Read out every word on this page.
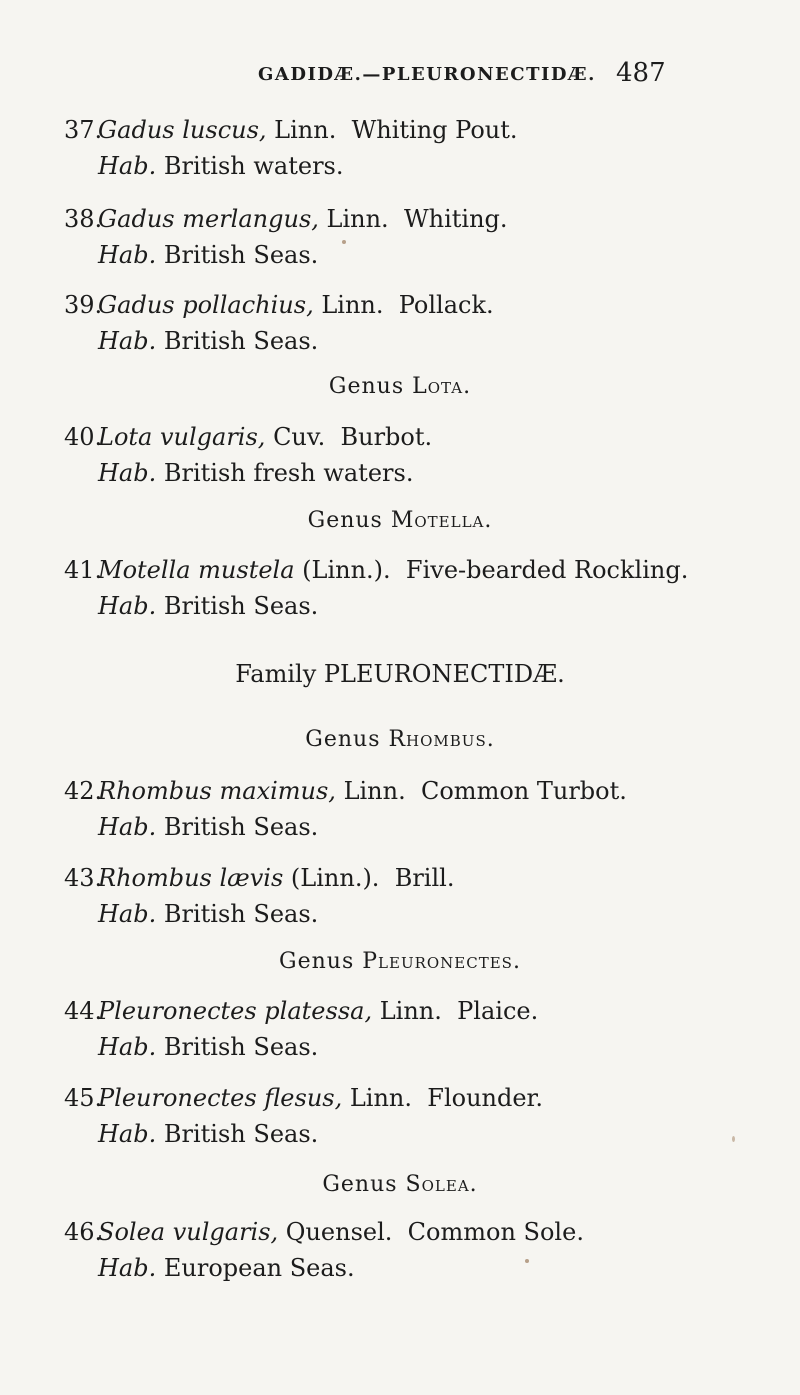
GADIDÆ.—PLEURONECTIDÆ. 487
37.Gadus luscus, Linn.  Whiting Pout.
Hab. British waters.
38.Gadus merlangus, Linn.  Whiting.
Hab. British Seas.
39.Gadus pollachius, Linn.  Pollack.
Hab. British Seas.
Genus Lota.
40.Lota vulgaris, Cuv.  Burbot.
Hab. British fresh waters.
Genus Motella.
41.Motella mustela (Linn.).  Five-bearded Rockling.
Hab. British Seas.
Family PLEURONECTIDÆ.
Genus Rhombus.
42.Rhombus maximus, Linn.  Common Turbot.
Hab. British Seas.
43.Rhombus lævis (Linn.).  Brill.
Hab. British Seas.
Genus Pleuronectes.
44.Pleuronectes platessa, Linn.  Plaice.
Hab. British Seas.
45.Pleuronectes flesus, Linn.  Flounder.
Hab. British Seas.
Genus Solea.
46.Solea vulgaris, Quensel.  Common Sole.
Hab. European Seas.
